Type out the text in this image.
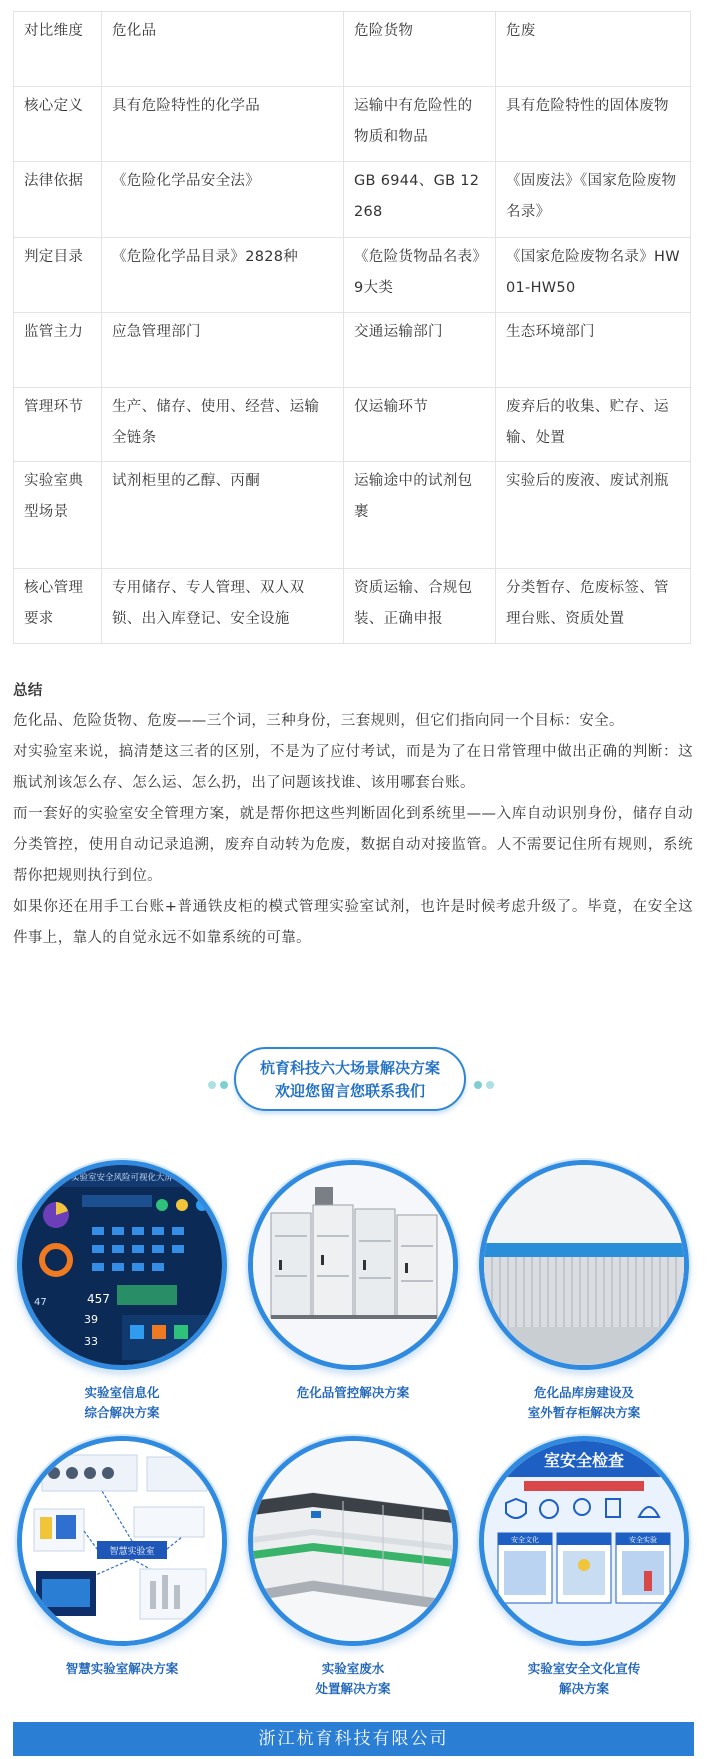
对比维度	危化品	危险货物	危废
核心定义	具有危险特性的化学品	运输中有危险性的物质和物品	具有危险特性的固体废物
法律依据	《危险化学品安全法》	GB 6944、GB 12268	《固废法》《国家危险废物名录》
判定目录	《危险化学品目录》2828种	《危险货物品名表》9大类	《国家危险废物名录》HW01-HW50
监管主力	应急管理部门	交通运输部门	生态环境部门
管理环节	生产、储存、使用、经营、运输全链条	仅运输环节	废弃后的收集、贮存、运输、处置
实验室典型场景	试剂柜里的乙醇、丙酮	运输途中的试剂包裹	实验后的废液、废试剂瓶
核心管理要求	专用储存、专人管理、双人双锁、出入库登记、安全设施	资质运输、合规包装、正确申报	分类暂存、危废标签、管理台账、资质处置
总结

危化品、危险货物、危废——三个词，三种身份，三套规则，但它们指向同一个目标：安全。

对实验室来说，搞清楚这三者的区别，不是为了应付考试，而是为了在日常管理中做出正确的判断：这瓶试剂该怎么存、怎么运、怎么扔，出了问题该找谁、该用哪套台账。

而一套好的实验室安全管理方案，就是帮你把这些判断固化到系统里——入库自动识别身份，储存自动分类管控，使用自动记录追溯，废弃自动转为危废，数据自动对接监管。人不需要记住所有规则，系统帮你把规则执行到位。

如果你还在用手工台账+普通铁皮柜的模式管理实验室试剂，也许是时候考虑升级了。毕竟，在安全这件事上，靠人的自觉永远不如靠系统的可靠。

杭育科技六大场景解决方案
欢迎您留言您联系我们
实验室安全风险可视化大屏
457
47
39
33
实验室信息化
综合解决方案
危化品管控解决方案	危化品库房建设及
室外暂存柜解决方案
智慧实验室
智慧实验室解决方案	实验室废水
处置解决方案
室安全检查
安全文化	安全实验
实验室安全文化宣传
解决方案
浙江杭育科技有限公司
